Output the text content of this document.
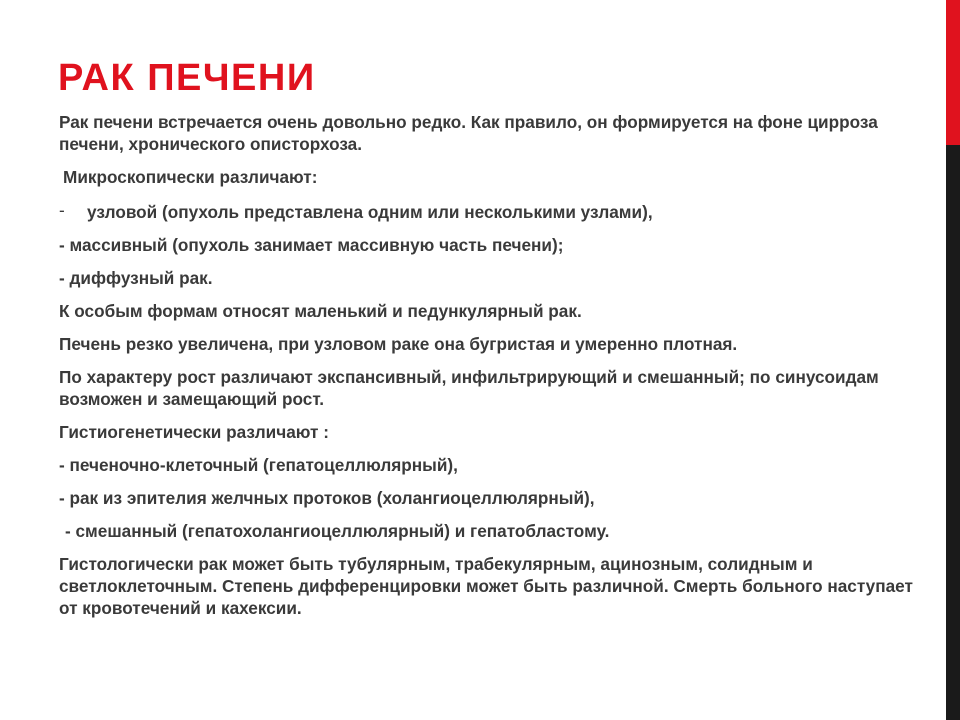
РАК ПЕЧЕНИ

Рак печени встречается очень довольно редко. Как правило, он формируется на фоне цирроза печени, хронического описторхоза.

Микроскопически различают:

- узловой (опухоль представлена одним или несколькими узлами),

- массивный (опухоль занимает массивную часть печени);

- диффузный рак.

К особым формам относят маленький и педункулярный рак.

Печень резко увеличена, при узловом раке она бугристая и умеренно плотная.

По характеру рост различают экспансивный, инфильтрирующий и смешанный; по синусоидам возможен и замещающий рост.

Гистиогенетически различают :

- печеночно-клеточный (гепатоцеллюлярный),

- рак из эпителия желчных протоков (холангиоцеллюлярный),

- смешанный (гепатохолангиоцеллюлярный) и гепатобластому.

Гистологически рак может быть тубулярным, трабекулярным, ацинозным, солидным и светлоклеточным. Степень дифференцировки может быть различной. Смерть больного наступает от кровотечений и кахексии.
